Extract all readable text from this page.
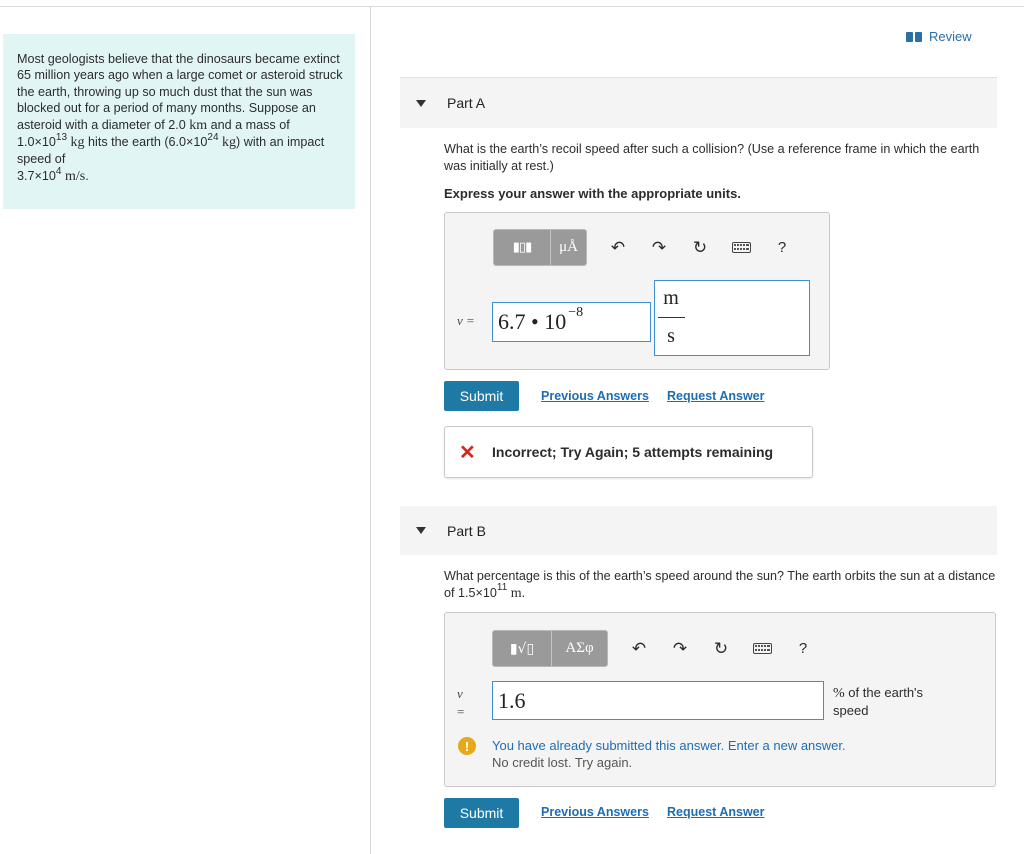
Most geologists believe that the dinosaurs became extinct 65 million years ago when a large comet or asteroid struck the earth, throwing up so much dust that the sun was blocked out for a period of many months. Suppose an asteroid with a diameter of 2.0 km and a mass of $1.0\times 10^{13}$ kg hits the earth ($6.0\times 10^{24}$ kg) with an impact speed of
$3.7\times 10^4$ m/s.
Review
Part A
What is the earth’s recoil speed after such a collision? (Use a reference frame in which the earth was initially at rest.)
Express your answer with the appropriate units.
▮▯▮	μÅ	↶ ↷ ↻	?
v = 6.7 • $10^{-8}$
m
s
Submit	Previous Answers Request Answer
✕ Incorrect; Try Again; 5 attempts remaining
Part B
What percentage is this of the earth’s speed around the sun? The earth orbits the sun at a distance of $1.5\times 10^{11}$ m.
▮√▯	ΑΣφ	↶ ↷ ↻	?
v
= 1.6	% of the earth's speed
!	You have already submitted this answer. Enter a new answer.
No credit lost. Try again.
Submit	Previous Answers Request Answer
